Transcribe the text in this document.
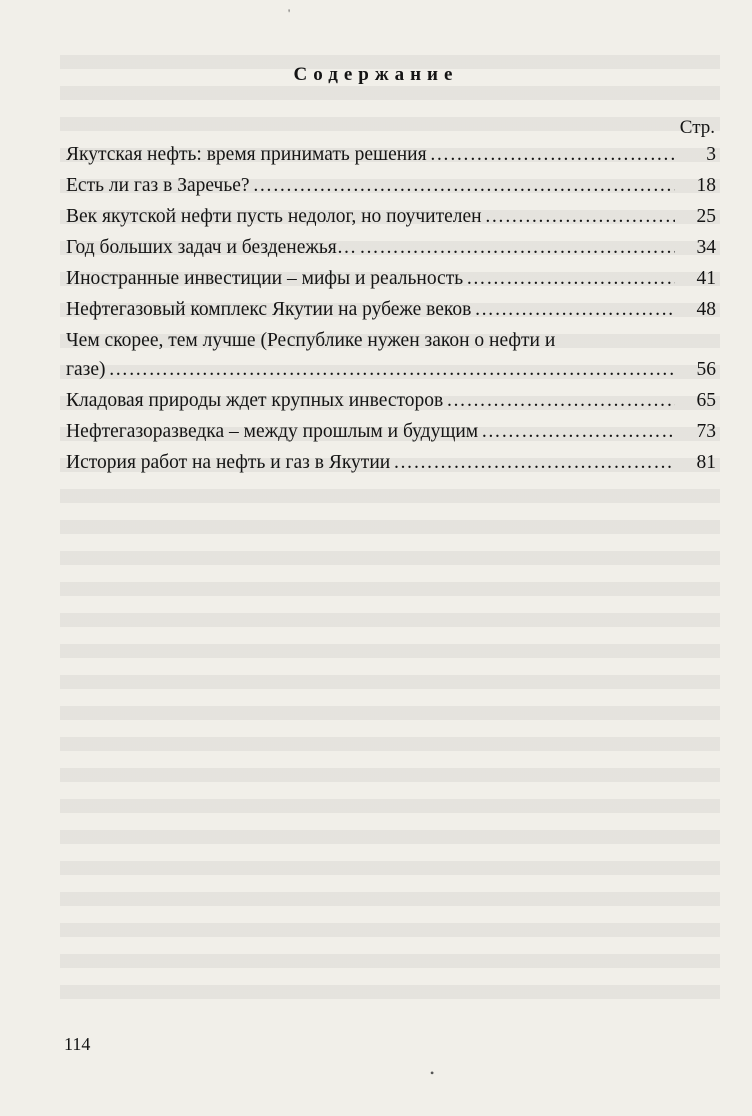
'
•
Содержание
Стр.
Якутская нефть: время принимать решения ……………………………………………………………………………………………………………………	3
Есть ли газ в Заречье? ……………………………………………………………………………………………………………………	18
Век якутской нефти пусть недолог, но поучителен ……………………………………………………………………………………………………………………	25
Год больших задач и безденежья… ……………………………………………………………………………………………………………………	34
Иностранные инвестиции – мифы и реальность ……………………………………………………………………………………………………………………	41
Нефтегазовый комплекс Якутии на рубеже веков ……………………………………………………………………………………………………………………	48
Чем скорее, тем лучше (Республике нужен закон о нефти и
газе) ……………………………………………………………………………………………………………………	56
Кладовая природы ждет крупных инвесторов ……………………………………………………………………………………………………………………	65
Нефтегазоразведка – между прошлым и будущим ……………………………………………………………………………………………………………………	73
История работ на нефть и газ в Якутии ……………………………………………………………………………………………………………………	81
114
